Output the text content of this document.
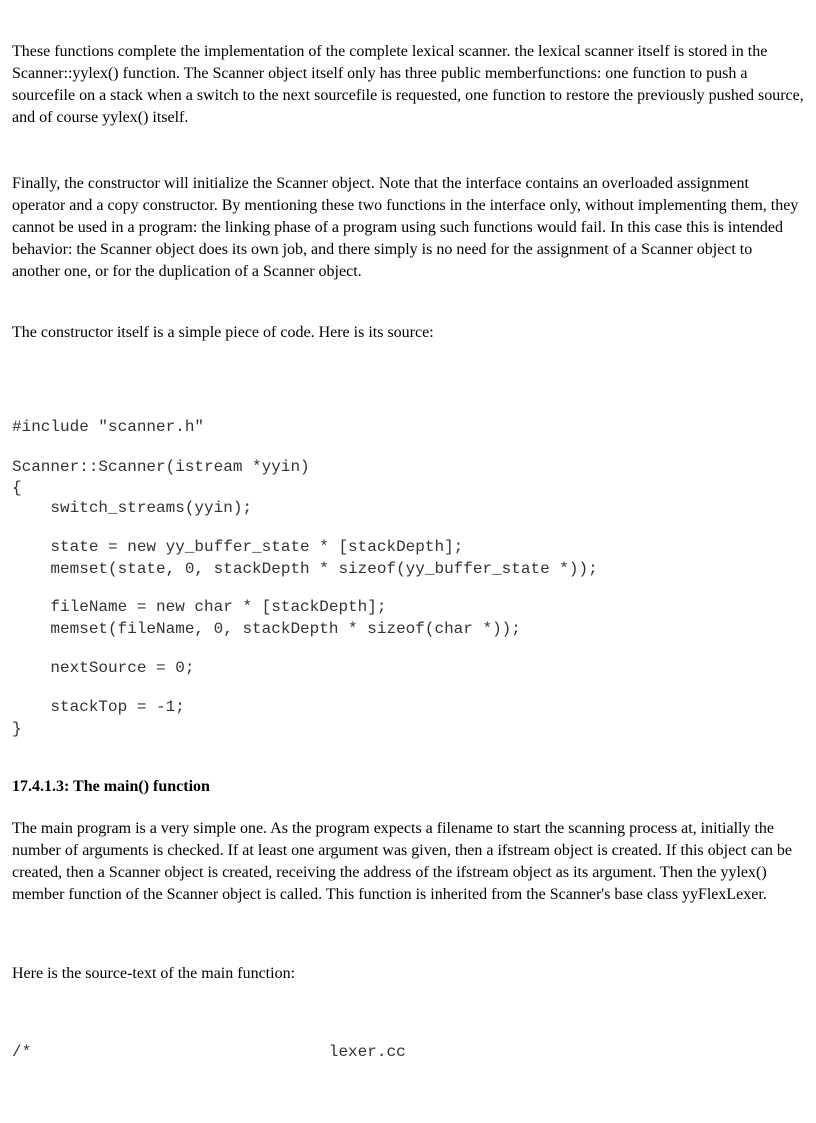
These functions complete the implementation of the complete lexical scanner. the lexical scanner itself is stored in the Scanner::yylex() function. The Scanner object itself only has three public memberfunctions: one function to push a sourcefile on a stack when a switch to the next sourcefile is requested, one function to restore the previously pushed source, and of course yylex() itself.

Finally, the constructor will initialize the Scanner object. Note that the interface contains an overloaded assignment operator and a copy constructor. By mentioning these two functions in the interface only, without implementing them, they cannot be used in a program: the linking phase of a program using such functions would fail. In this case this is intended behavior: the Scanner object does its own job, and there simply is no need for the assignment of a Scanner object to another one, or for the duplication of a Scanner object.

The constructor itself is a simple piece of code. Here is its source:

#include "scanner.h"
Scanner::Scanner(istream *yyin)
{
switch_streams(yyin);
state = new yy_buffer_state * [stackDepth];
memset(state, 0, stackDepth * sizeof(yy_buffer_state *));
fileName = new char * [stackDepth];
memset(fileName, 0, stackDepth * sizeof(char *));
nextSource = 0;
stackTop = -1;
}
17.4.1.3: The main() function

The main program is a very simple one. As the program expects a filename to start the scanning process at, initially the number of arguments is checked. If at least one argument was given, then a ifstream object is created. If this object can be created, then a Scanner object is created, receiving the address of the ifstream object as its argument. Then the yylex() member function of the Scanner object is called. This function is inherited from the Scanner's base class yyFlexLexer.

Here is the source-text of the main function:

/*                               lexer.cc
